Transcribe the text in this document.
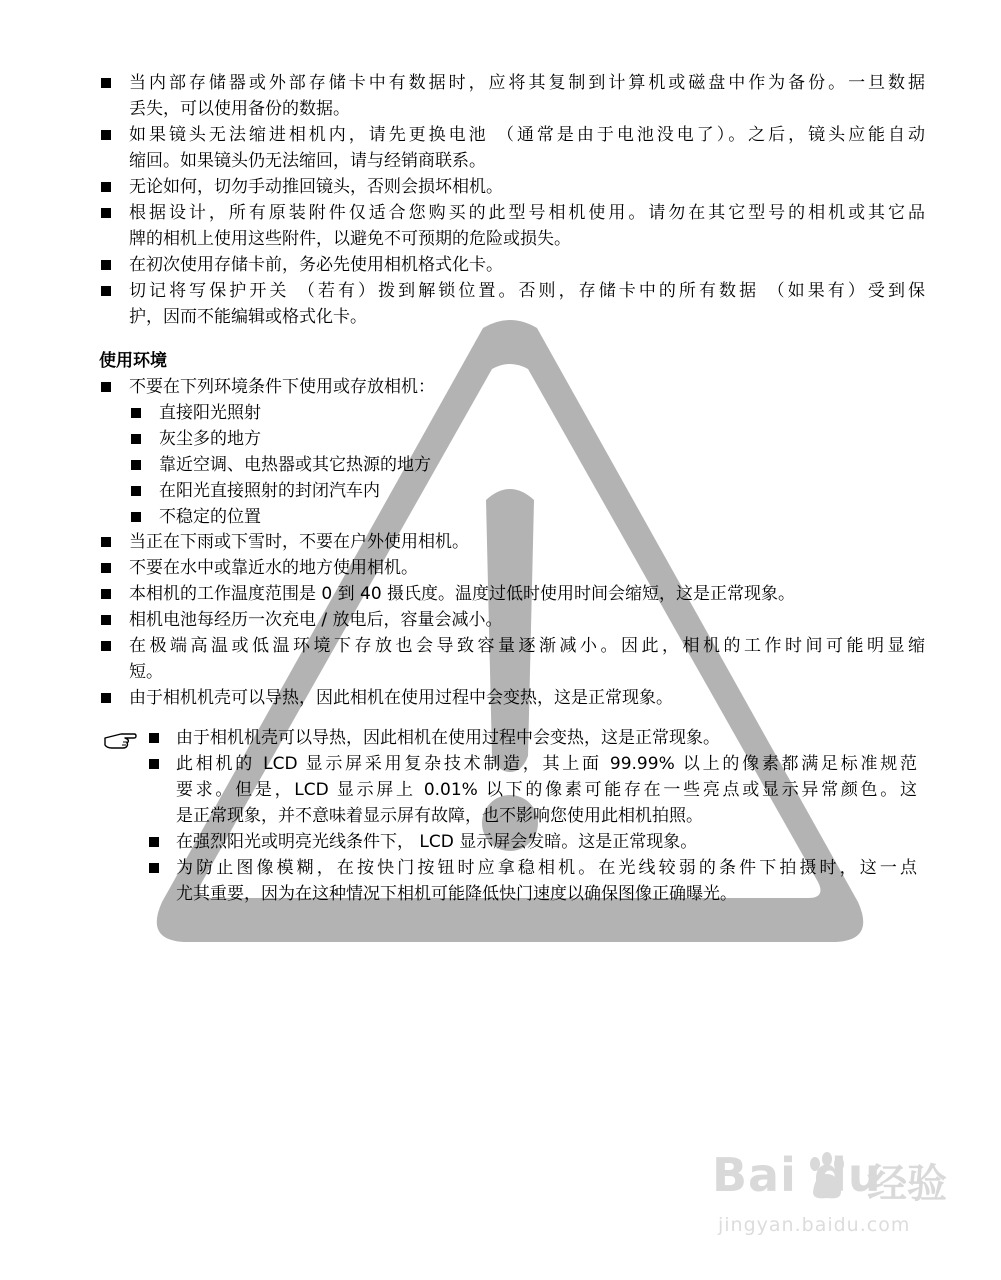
当内部存储器或外部存储卡中有数据时，应将其复制到计算机或磁盘中作为备份。一旦数据
丢失，可以使用备份的数据。
如果镜头无法缩进相机内，请先更换电池 （通常是由于电池没电了）。之后，镜头应能自动
缩回。如果镜头仍无法缩回，请与经销商联系。
无论如何，切勿手动推回镜头，否则会损坏相机。
根据设计，所有原装附件仅适合您购买的此型号相机使用。请勿在其它型号的相机或其它品
牌的相机上使用这些附件，以避免不可预期的危险或损失。
在初次使用存储卡前，务必先使用相机格式化卡。
切记将写保护开关 （若有）拨到解锁位置。否则，存储卡中的所有数据 （如果有）受到保
护，因而不能编辑或格式化卡。
使用环境
不要在下列环境条件下使用或存放相机：
直接阳光照射
灰尘多的地方
靠近空调、电热器或其它热源的地方
在阳光直接照射的封闭汽车内
不稳定的位置
当正在下雨或下雪时，不要在户外使用相机。
不要在水中或靠近水的地方使用相机。
本相机的工作温度范围是 0 到 40 摄氏度。温度过低时使用时间会缩短，这是正常现象。
相机电池每经历一次充电 / 放电后，容量会减小。
在极端高温或低温环境下存放也会导致容量逐渐减小。因此，相机的工作时间可能明显缩
短。
由于相机机壳可以导热，因此相机在使用过程中会变热，这是正常现象。
由于相机机壳可以导热，因此相机在使用过程中会变热，这是正常现象。
此相机的 LCD 显示屏采用复杂技术制造，其上面 99.99% 以上的像素都满足标准规范
要求。但是，LCD 显示屏上 0.01% 以下的像素可能存在一些亮点或显示异常颜色。这
是正常现象，并不意味着显示屏有故障，也不影响您使用此相机拍照。
在强烈阳光或明亮光线条件下， LCD 显示屏会发暗。这是正常现象。
为防止图像模糊，在按快门按钮时应拿稳相机。在光线较弱的条件下拍摄时，这一点
尤其重要，因为在这种情况下相机可能降低快门速度以确保图像正确曝光。
Bai du
经验
jingyan.baidu.com
